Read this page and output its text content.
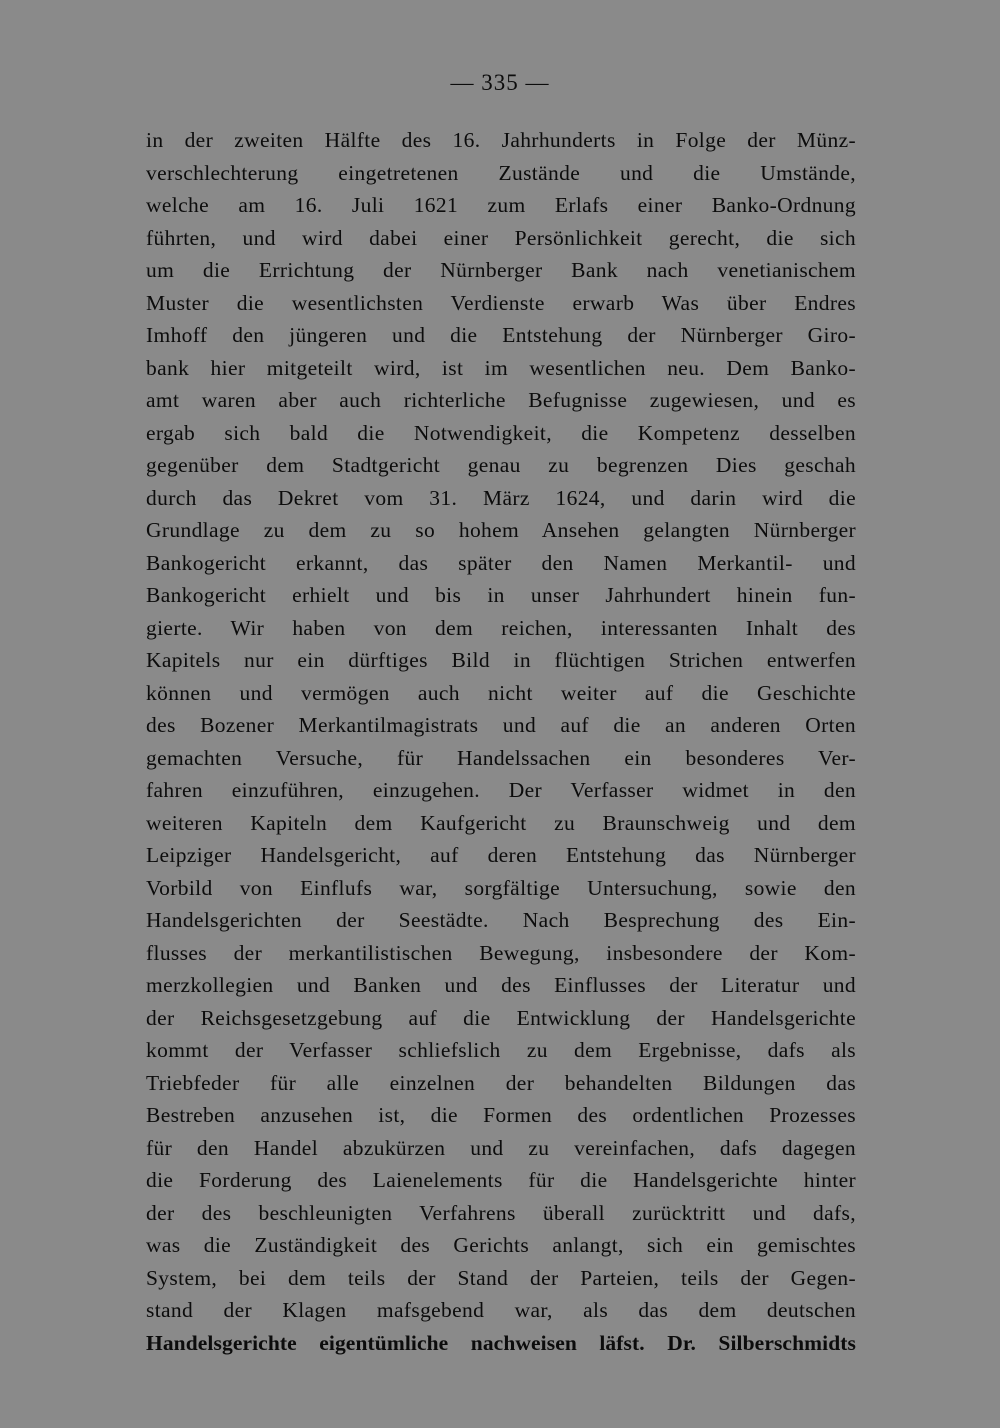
— 335 —
in der zweiten Hälfte des 16. Jahrhunderts in Folge der Münz-
verschlechterung eingetretenen Zustände und die Umstände,
welche am 16. Juli 1621 zum Erlafs einer Banko-Ordnung
führten, und wird dabei einer Persönlichkeit gerecht, die sich
um die Errichtung der Nürnberger Bank nach venetianischem
Muster die wesentlichsten Verdienste erwarb Was über Endres
Imhoff den jüngeren und die Entstehung der Nürnberger Giro-
bank hier mitgeteilt wird, ist im wesentlichen neu. Dem Banko-
amt waren aber auch richterliche Befugnisse zugewiesen, und es
ergab sich bald die Notwendigkeit, die Kompetenz desselben
gegenüber dem Stadtgericht genau zu begrenzen Dies geschah
durch das Dekret vom 31. März 1624, und darin wird die
Grundlage zu dem zu so hohem Ansehen gelangten Nürnberger
Bankogericht erkannt, das später den Namen Merkantil- und
Bankogericht erhielt und bis in unser Jahrhundert hinein fun-
gierte. Wir haben von dem reichen, interessanten Inhalt des
Kapitels nur ein dürftiges Bild in flüchtigen Strichen entwerfen
können und vermögen auch nicht weiter auf die Geschichte
des Bozener Merkantilmagistrats und auf die an anderen Orten
gemachten Versuche, für Handelssachen ein besonderes Ver-
fahren einzuführen, einzugehen. Der Verfasser widmet in den
weiteren Kapiteln dem Kaufgericht zu Braunschweig und dem
Leipziger Handelsgericht, auf deren Entstehung das Nürnberger
Vorbild von Einflufs war, sorgfältige Untersuchung, sowie den
Handelsgerichten der Seestädte. Nach Besprechung des Ein-
flusses der merkantilistischen Bewegung, insbesondere der Kom-
merzkollegien und Banken und des Einflusses der Literatur und
der Reichsgesetzgebung auf die Entwicklung der Handelsgerichte
kommt der Verfasser schliefslich zu dem Ergebnisse, dafs als
Triebfeder für alle einzelnen der behandelten Bildungen das
Bestreben anzusehen ist, die Formen des ordentlichen Prozesses
für den Handel abzukürzen und zu vereinfachen, dafs dagegen
die Forderung des Laienelements für die Handelsgerichte hinter
der des beschleunigten Verfahrens überall zurücktritt und dafs,
was die Zuständigkeit des Gerichts anlangt, sich ein gemischtes
System, bei dem teils der Stand der Parteien, teils der Gegen-
stand der Klagen mafsgebend war, als das dem deutschen
Handelsgerichte eigentümliche nachweisen läfst. Dr. Silberschmidts
